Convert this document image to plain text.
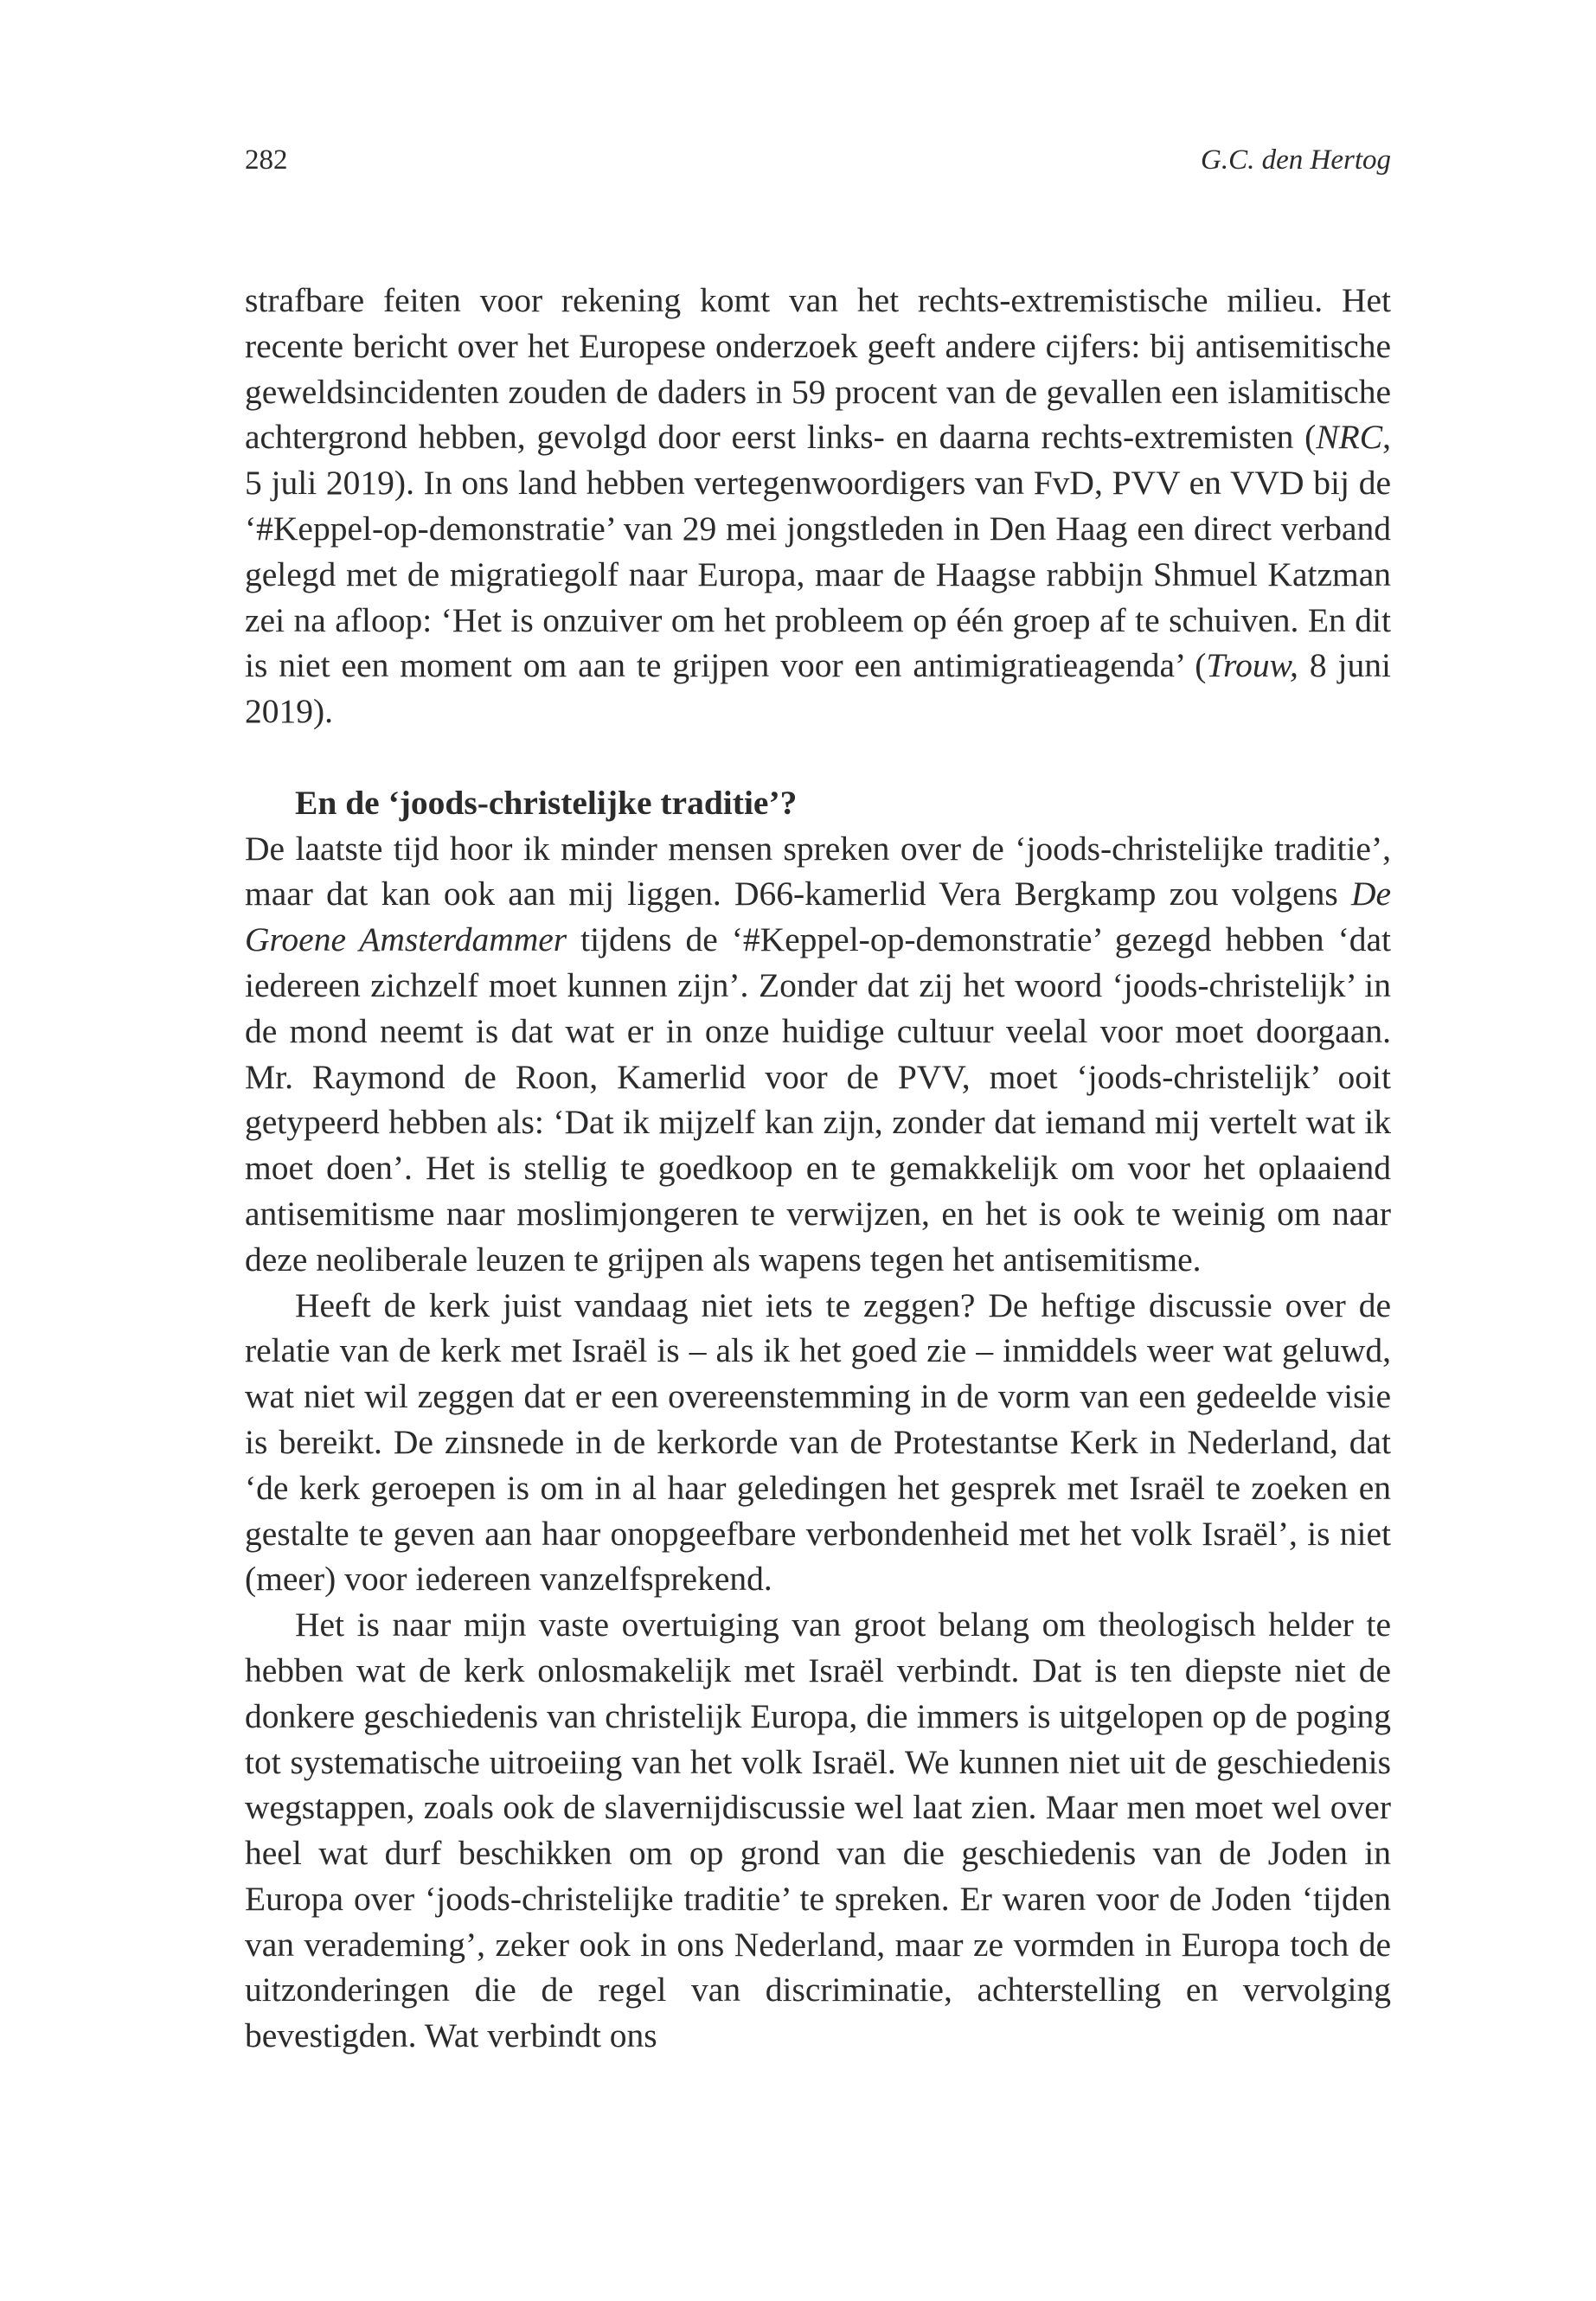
282	G.C. den Hertog

strafbare feiten voor rekening komt van het rechts-extremistische milieu. Het recente bericht over het Europese onderzoek geeft andere cijfers: bij antisemitische geweldsincidenten zouden de daders in 59 procent van de gevallen een islamitische achtergrond hebben, gevolgd door eerst links- en daarna rechts-extremisten (NRC, 5 juli 2019). In ons land hebben vertegenwoordigers van FvD, PVV en VVD bij de ‘#Keppel-op-demonstratie’ van 29 mei jongstleden in Den Haag een direct verband gelegd met de migratiegolf naar Europa, maar de Haagse rabbijn Shmuel Katzman zei na afloop: ‘Het is onzuiver om het probleem op één groep af te schuiven. En dit is niet een moment om aan te grijpen voor een antimigratieagenda’ (Trouw, 8 juni 2019).

En de ‘joods-christelijke traditie’?

De laatste tijd hoor ik minder mensen spreken over de ‘joods-christelijke traditie’, maar dat kan ook aan mij liggen. D66-kamerlid Vera Bergkamp zou volgens De Groene Amsterdammer tijdens de ‘#Keppel-op-demonstratie’ gezegd hebben ‘dat iedereen zichzelf moet kunnen zijn’. Zonder dat zij het woord ‘joods-christelijk’ in de mond neemt is dat wat er in onze huidige cultuur veelal voor moet doorgaan. Mr. Raymond de Roon, Kamerlid voor de PVV, moet ‘joods-christelijk’ ooit getypeerd hebben als: ‘Dat ik mijzelf kan zijn, zonder dat iemand mij vertelt wat ik moet doen’. Het is stellig te goedkoop en te gemakkelijk om voor het oplaaiend antisemitisme naar moslimjongeren te verwijzen, en het is ook te weinig om naar deze neoliberale leuzen te grijpen als wapens tegen het antisemitisme.

Heeft de kerk juist vandaag niet iets te zeggen? De heftige discussie over de relatie van de kerk met Israël is – als ik het goed zie – inmiddels weer wat geluwd, wat niet wil zeggen dat er een overeenstemming in de vorm van een gedeelde visie is bereikt. De zinsnede in de kerkorde van de Protestantse Kerk in Nederland, dat ‘de kerk geroepen is om in al haar geledingen het gesprek met Israël te zoeken en gestalte te geven aan haar onopgeefbare verbondenheid met het volk Israël’, is niet (meer) voor iedereen vanzelfsprekend.

Het is naar mijn vaste overtuiging van groot belang om theologisch helder te hebben wat de kerk onlosmakelijk met Israël verbindt. Dat is ten diepste niet de donkere geschiedenis van christelijk Europa, die immers is uitgelopen op de poging tot systematische uitroeiing van het volk Israël. We kunnen niet uit de geschiedenis wegstappen, zoals ook de slavernijdiscussie wel laat zien. Maar men moet wel over heel wat durf beschikken om op grond van die geschiedenis van de Joden in Europa over ‘joods-christelijke traditie’ te spreken. Er waren voor de Joden ‘tijden van verademing’, zeker ook in ons Nederland, maar ze vormden in Europa toch de uitzonderingen die de regel van discriminatie, achterstelling en vervolging bevestigden. Wat verbindt ons
